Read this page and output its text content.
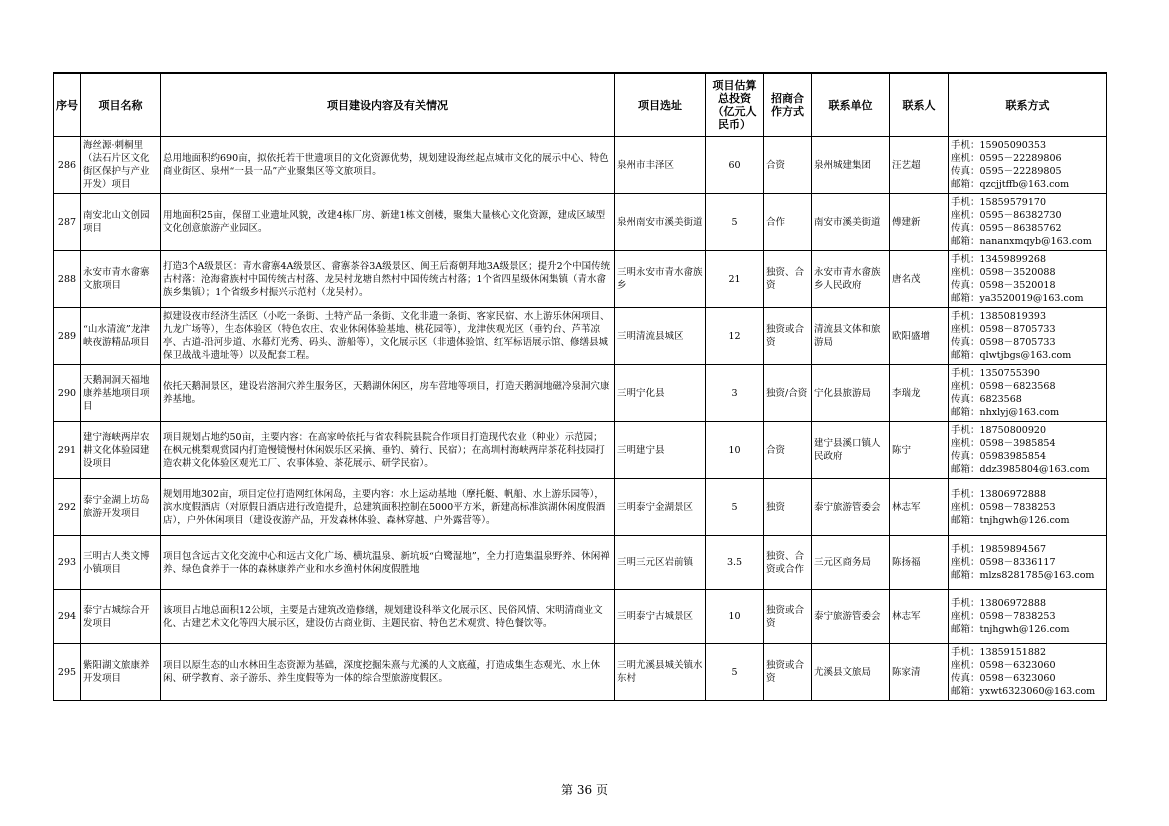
序号	项目名称	项目建设内容及有关情况	项目选址	项目估算总投资（亿元人民币）	招商合作方式	联系单位	联系人	联系方式
286	海丝源·刺桐里（法石片区文化街区保护与产业开发）项目	总用地面积约690亩，拟依托若干世遗项目的文化资源优势，规划建设海丝起点城市文化的展示中心、特色商业街区、泉州“一县一品”产业聚集区等文旅项目。	泉州市丰泽区	60	合资	泉州城建集团	汪艺超	手机：15905090353
座机：0595－22289806
传真：0595－22289805
邮箱：qzcjjtffb@163.com

287	南安北山文创园项目	用地面积25亩，保留工业遗址风貌，改建4栋厂房、新建1栋文创楼，聚集大量核心文化资源，建成区域型文化创意旅游产业园区。	泉州南安市溪美街道	5	合作	南安市溪美街道	傅建新	手机：15859579170
座机：0595－86382730
传真：0595－86385762
邮箱：nananxmqyb@163.com

288	永安市青水畲寨文旅项目	打造3个A级景区：青水畲寨4A级景区、畲寨茶谷3A级景区、闽王后裔朝拜地3A级景区；提升2个中国传统古村落：沧海畲族村中国传统古村落、龙吴村龙塘自然村中国传统古村落；1个省四星级休闲集镇（青水畲族乡集镇）；1个省级乡村振兴示范村（龙吴村）。	三明永安市青水畲族乡	21	独资、合资	永安市青水畲族乡人民政府	唐名茂	手机：13459899268
座机：0598－3520088
传真：0598－3520018
邮箱：ya3520019@163.com

289	“山水清流”龙津峡夜游精品项目	拟建设夜市经济生活区（小吃一条街、土特产品一条街、文化非遗一条街、客家民宿、水上游乐休闲项目、九龙广场等），生态体验区（特色农庄、农业休闲体验基地、桃花园等），龙津侠观光区（垂钓台、芦苇凉亭、古道-沿河步道、水幕灯光秀、码头、游船等），文化展示区（非遗体验馆、红军标语展示馆、修缮县城保卫战战斗遗址等）以及配套工程。	三明清流县城区	12	独资或合资	清流县文体和旅游局	欧阳盛增	手机：13850819393
座机：0598－8705733
传真：0598－8705733
邮箱：qlwtjbgs@163.com

290	天鹅洞洞天福地康养基地项目项目	依托天鹅洞景区，建设岩溶洞穴养生服务区，天鹅湖休闲区，房车营地等项目，打造天鹅洞地磁冷泉洞穴康养基地。	三明宁化县	3	独资/合资	宁化县旅游局	李瑞龙	手机：1350755390
座机：0598－6823568
传真：6823568
邮箱：nhxlyj@163.com

291	建宁海峡两岸农耕文化体验园建设项目	项目规划占地约50亩，主要内容：在高家岭依托与省农科院县院合作项目打造现代农业（种业）示范园；在枫元桃梨观赏园内打造慢镜慢村休闲娱乐区采摘、垂钓、骑行、民宿）；在高圳村海峡两岸茶花科技园打造农耕文化体验区观光工厂、农事体验、茶花展示、研学民宿）。	三明建宁县	10	合资	建宁县溪口镇人民政府	陈宁	手机：18750800920
座机：0598－3985854
传真：05983985854
邮箱：ddz3985804@163.com

292	泰宁金湖上坊岛旅游开发项目	规划用地302亩，项目定位打造网红休闲岛，主要内容：水上运动基地（摩托艇、帆船、水上游乐园等），滨水度假酒店（对原假日酒店进行改造提升，总建筑面积控制在5000平方米，新建高标准滨湖休闲度假酒店），户外休闲项目（建设夜游产品，开发森林体验、森林穿越、户外露营等）。	三明泰宁金湖景区	5	独资	泰宁旅游管委会	林志军	手机：13806972888
座机：0598－7838253
邮箱：tnjhgwh@126.com

293	三明古人类文博小镇项目	项目包含远古文化交流中心和远古文化广场、横坑温泉、新坑坂“白鹭湿地”，全力打造集温泉野养、休闲禅养、绿色食养于一体的森林康养产业和水乡渔村休闲度假胜地	三明三元区岩前镇	3.5	独资、合资或合作	三元区商务局	陈扬福	手机：19859894567
座机：0598－8336117
邮箱：mlzs8281785@163.com

294	泰宁古城综合开发项目	该项目占地总面积12公顷，主要是古建筑改造修缮，规划建设科举文化展示区、民俗风情、宋明清商业文化、古建艺术文化等四大展示区，建设仿古商业街、主题民宿、特色艺术观赏、特色餐饮等。	三明泰宁古城景区	10	独资或合资	泰宁旅游管委会	林志军	手机：13806972888
座机：0598－7838253
邮箱：tnjhgwh@126.com

295	紫阳湖文旅康养开发项目	项目以原生态的山水林田生态资源为基础，深度挖掘朱熹与尤溪的人文底蕴，打造成集生态观光、水上休闲、研学教育、亲子游乐、养生度假等为一体的综合型旅游度假区。	三明尤溪县城关镇水东村	5	独资或合资	尤溪县文旅局	陈家清	手机：13859151882
座机：0598－6323060
传真：0598－6323060
邮箱：yxwt6323060@163.com
第 36 页
